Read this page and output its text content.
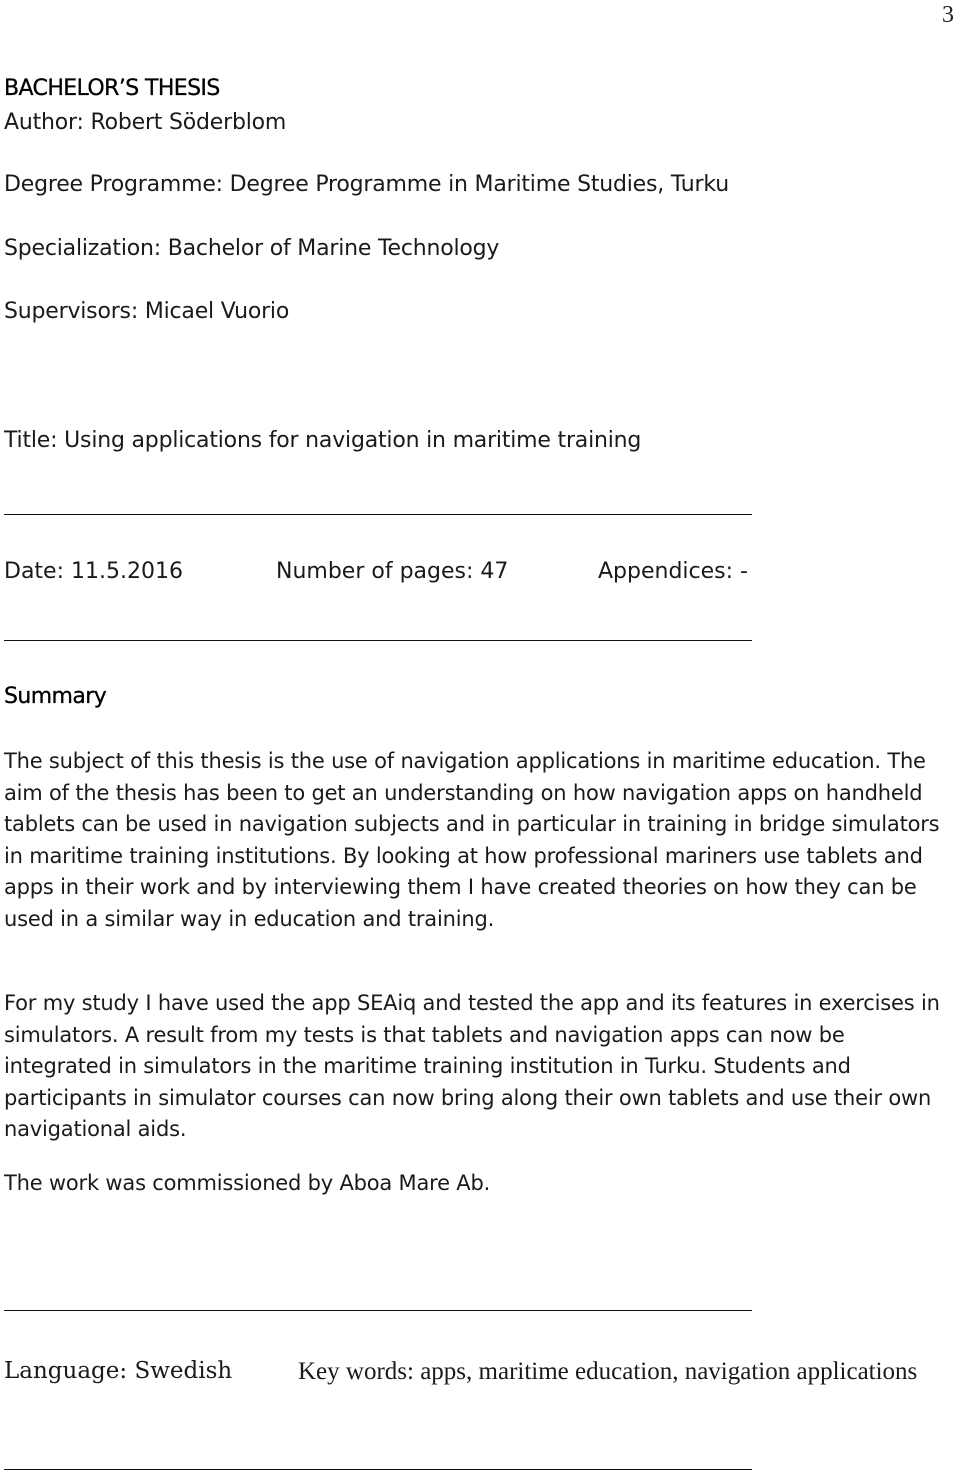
3
BACHELOR’S THESIS
Author: Robert Söderblom
Degree Programme: Degree Programme in Maritime Studies, Turku
Specialization: Bachelor of Marine Technology
Supervisors: Micael Vuorio
Title: Using applications for navigation in maritime training
Date: 11.5.2016	Number of pages: 47	Appendices: -
Summary

The subject of this thesis is the use of navigation applications in maritime education. The aim of the thesis has been to get an understanding on how navigation apps on handheld tablets can be used in navigation subjects and in particular in training in bridge simulators in maritime training institutions. By looking at how professional mariners use tablets and apps in their work and by interviewing them I have created theories on how they can be used in a similar way in education and training.

For my study I have used the app SEAiq and tested the app and its features in exercises in simulators. A result from my tests is that tablets and navigation apps can now be integrated in simulators in the maritime training institution in Turku. Students and participants in simulator courses can now bring along their own tablets and use their own navigational aids.

The work was commissioned by Aboa Mare Ab.

Language: Swedish	Key words: apps, maritime education, navigation applications
